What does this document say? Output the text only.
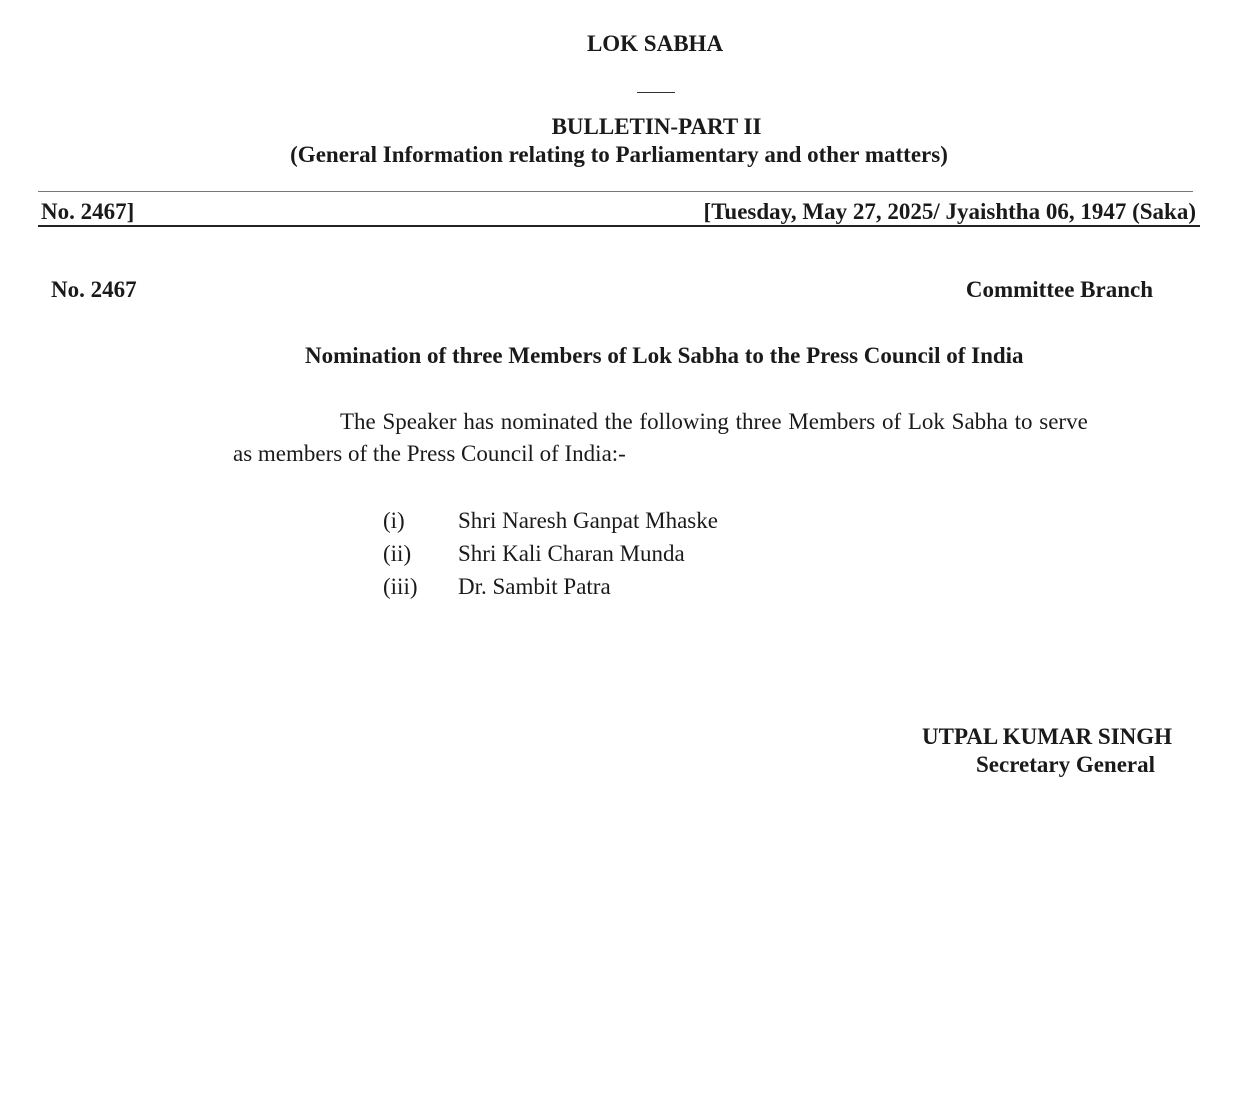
LOK SABHA
BULLETIN-PART II
(General Information relating to Parliamentary and other matters)
No. 2467]	[Tuesday, May 27, 2025/ Jyaishtha 06, 1947 (Saka)
No. 2467	Committee Branch
Nomination of three Members of Lok Sabha to the Press Council of India
The Speaker has nominated the following three Members of Lok Sabha to serve
as members of the Press Council of India:-
(i) Shri Naresh Ganpat Mhaske
(ii) Shri Kali Charan Munda
(iii) Dr. Sambit Patra
UTPAL KUMAR SINGH
Secretary General
